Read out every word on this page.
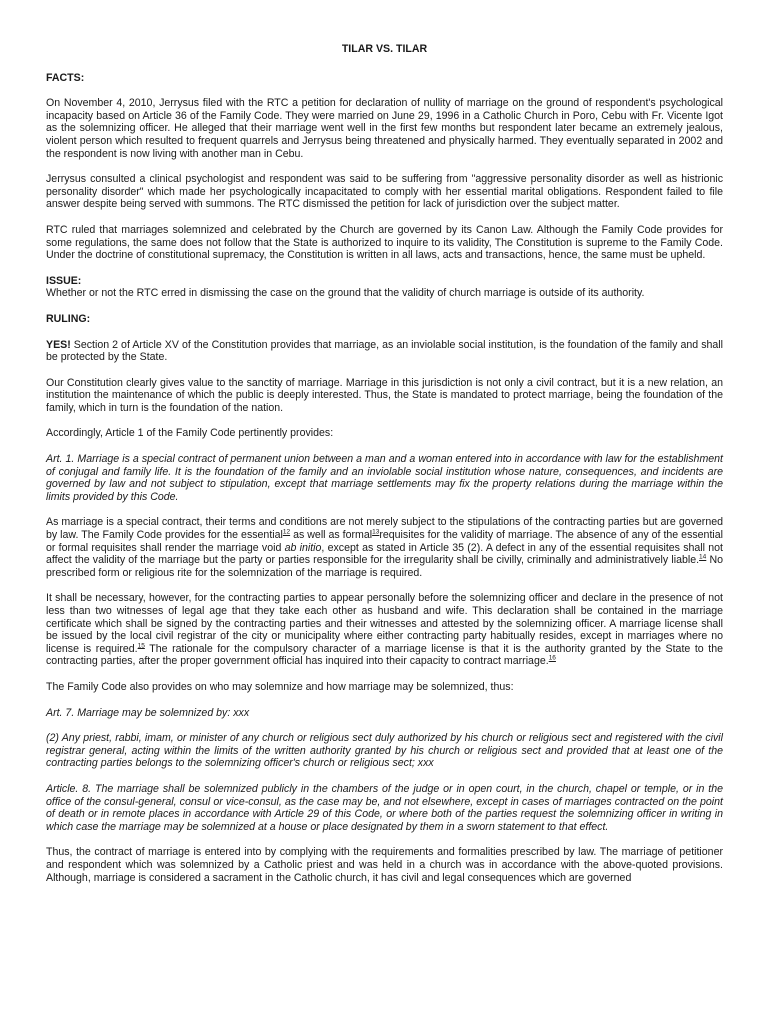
TILAR VS. TILAR
FACTS:

On November 4, 2010, Jerrysus filed with the RTC a petition for declaration of nullity of marriage on the ground of respondent's psychological incapacity based on Article 36 of the Family Code. They were married on June 29, 1996 in a Catholic Church in Poro, Cebu with Fr. Vicente Igot as the solemnizing officer. He alleged that their marriage went well in the first few months but respondent later became an extremely jealous, violent person which resulted to frequent quarrels and Jerrysus being threatened and physically harmed. They eventually separated in 2002 and the respondent is now living with another man in Cebu.

Jerrysus consulted a clinical psychologist and respondent was said to be suffering from "aggressive personality disorder as well as histrionic personality disorder" which made her psychologically incapacitated to comply with her essential marital obligations. Respondent failed to file answer despite being served with summons. The RTC dismissed the petition for lack of jurisdiction over the subject matter.

RTC ruled that marriages solemnized and celebrated by the Church are governed by its Canon Law. Although the Family Code provides for some regulations, the same does not follow that the State is authorized to inquire to its validity, The Constitution is supreme to the Family Code. Under the doctrine of constitutional supremacy, the Constitution is written in all laws, acts and transactions, hence, the same must be upheld.

ISSUE:

Whether or not the RTC erred in dismissing the case on the ground that the validity of church marriage is outside of its authority.

RULING:

YES! Section 2 of Article XV of the Constitution provides that marriage, as an inviolable social institution, is the foundation of the family and shall be protected by the State.

Our Constitution clearly gives value to the sanctity of marriage. Marriage in this jurisdiction is not only a civil contract, but it is a new relation, an institution the maintenance of which the public is deeply interested. Thus, the State is mandated to protect marriage, being the foundation of the family, which in turn is the foundation of the nation.

Accordingly, Article 1 of the Family Code pertinently provides:

Art. 1. Marriage is a special contract of permanent union between a man and a woman entered into in accordance with law for the establishment of conjugal and family life. It is the foundation of the family and an inviolable social institution whose nature, consequences, and incidents are governed by law and not subject to stipulation, except that marriage settlements may fix the property relations during the marriage within the limits provided by this Code.

As marriage is a special contract, their terms and conditions are not merely subject to the stipulations of the contracting parties but are governed by law. The Family Code provides for the essential$^{12}$ as well as formal$^{13}$requisites for the validity of marriage. The absence of any of the essential or formal requisites shall render the marriage void ab initio, except as stated in Article 35 (2). A defect in any of the essential requisites shall not affect the validity of the marriage but the party or parties responsible for the irregularity shall be civilly, criminally and administratively liable.$^{14}$ No prescribed form or religious rite for the solemnization of the marriage is required.

It shall be necessary, however, for the contracting parties to appear personally before the solemnizing officer and declare in the presence of not less than two witnesses of legal age that they take each other as husband and wife. This declaration shall be contained in the marriage certificate which shall be signed by the contracting parties and their witnesses and attested by the solemnizing officer. A marriage license shall be issued by the local civil registrar of the city or municipality where either contracting party habitually resides, except in marriages where no license is required.$^{15}$ The rationale for the compulsory character of a marriage license is that it is the authority granted by the State to the contracting parties, after the proper government official has inquired into their capacity to contract marriage.$^{16}$

The Family Code also provides on who may solemnize and how marriage may be solemnized, thus:

Art. 7. Marriage may be solemnized by: xxx

(2) Any priest, rabbi, imam, or minister of any church or religious sect duly authorized by his church or religious sect and registered with the civil registrar general, acting within the limits of the written authority granted by his church or religious sect and provided that at least one of the contracting parties belongs to the solemnizing officer's church or religious sect; xxx

Article. 8. The marriage shall be solemnized publicly in the chambers of the judge or in open court, in the church, chapel or temple, or in the office of the consul-general, consul or vice-consul, as the case may be, and not elsewhere, except in cases of marriages contracted on the point of death or in remote places in accordance with Article 29 of this Code, or where both of the parties request the solemnizing officer in writing in which case the marriage may be solemnized at a house or place designated by them in a sworn statement to that effect.

Thus, the contract of marriage is entered into by complying with the requirements and formalities prescribed by law. The marriage of petitioner and respondent which was solemnized by a Catholic priest and was held in a church was in accordance with the above-quoted provisions. Although, marriage is considered a sacrament in the Catholic church, it has civil and legal consequences which are governed
